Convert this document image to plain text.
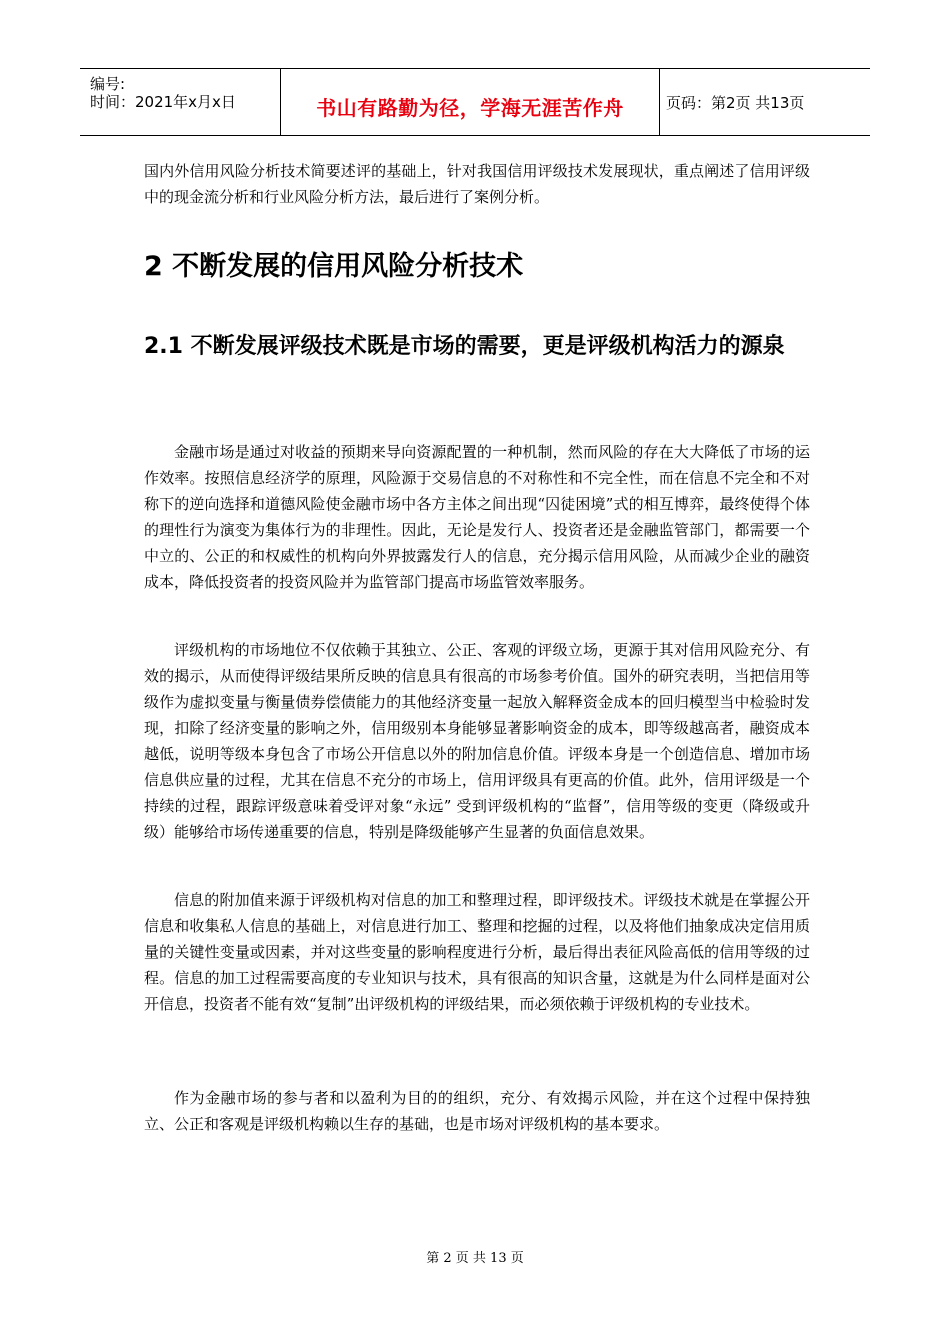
编号:
时间：2021年x月x日	书山有路勤为径，学海无涯苦作舟	页码：第2页 共13页

国内外信用风险分析技术简要述评的基础上，针对我国信用评级技术发展现状，重点阐述了信用评级中的现金流分析和行业风险分析方法，最后进行了案例分析。

2 不断发展的信用风险分析技术
2.1 不断发展评级技术既是市场的需要，更是评级机构活力的源泉

金融市场是通过对收益的预期来导向资源配置的一种机制，然而风险的存在大大降低了市场的运作效率。按照信息经济学的原理，风险源于交易信息的不对称性和不完全性，而在信息不完全和不对称下的逆向选择和道德风险使金融市场中各方主体之间出现“囚徒困境”式的相互博弈，最终使得个体的理性行为演变为集体行为的非理性。因此，无论是发行人、投资者还是金融监管部门，都需要一个中立的、公正的和权威性的机构向外界披露发行人的信息，充分揭示信用风险，从而减少企业的融资成本，降低投资者的投资风险并为监管部门提高市场监管效率服务。

评级机构的市场地位不仅依赖于其独立、公正、客观的评级立场，更源于其对信用风险充分、有效的揭示，从而使得评级结果所反映的信息具有很高的市场参考价值。国外的研究表明，当把信用等级作为虚拟变量与衡量债券偿债能力的其他经济变量一起放入解释资金成本的回归模型当中检验时发现，扣除了经济变量的影响之外，信用级别本身能够显著影响资金的成本，即等级越高者，融资成本越低，说明等级本身包含了市场公开信息以外的附加信息价值。评级本身是一个创造信息、增加市场信息供应量的过程，尤其在信息不充分的市场上，信用评级具有更高的价值。此外，信用评级是一个持续的过程，跟踪评级意味着受评对象“永远” 受到评级机构的“监督”，信用等级的变更（降级或升级）能够给市场传递重要的信息，特别是降级能够产生显著的负面信息效果。

信息的附加值来源于评级机构对信息的加工和整理过程，即评级技术。评级技术就是在掌握公开信息和收集私人信息的基础上，对信息进行加工、整理和挖掘的过程，以及将他们抽象成决定信用质量的关键性变量或因素，并对这些变量的影响程度进行分析，最后得出表征风险高低的信用等级的过程。信息的加工过程需要高度的专业知识与技术，具有很高的知识含量，这就是为什么同样是面对公开信息，投资者不能有效“复制”出评级机构的评级结果，而必须依赖于评级机构的专业技术。

作为金融市场的参与者和以盈利为目的的组织，充分、有效揭示风险，并在这个过程中保持独立、公正和客观是评级机构赖以生存的基础，也是市场对评级机构的基本要求。

第 2 页 共 13 页
